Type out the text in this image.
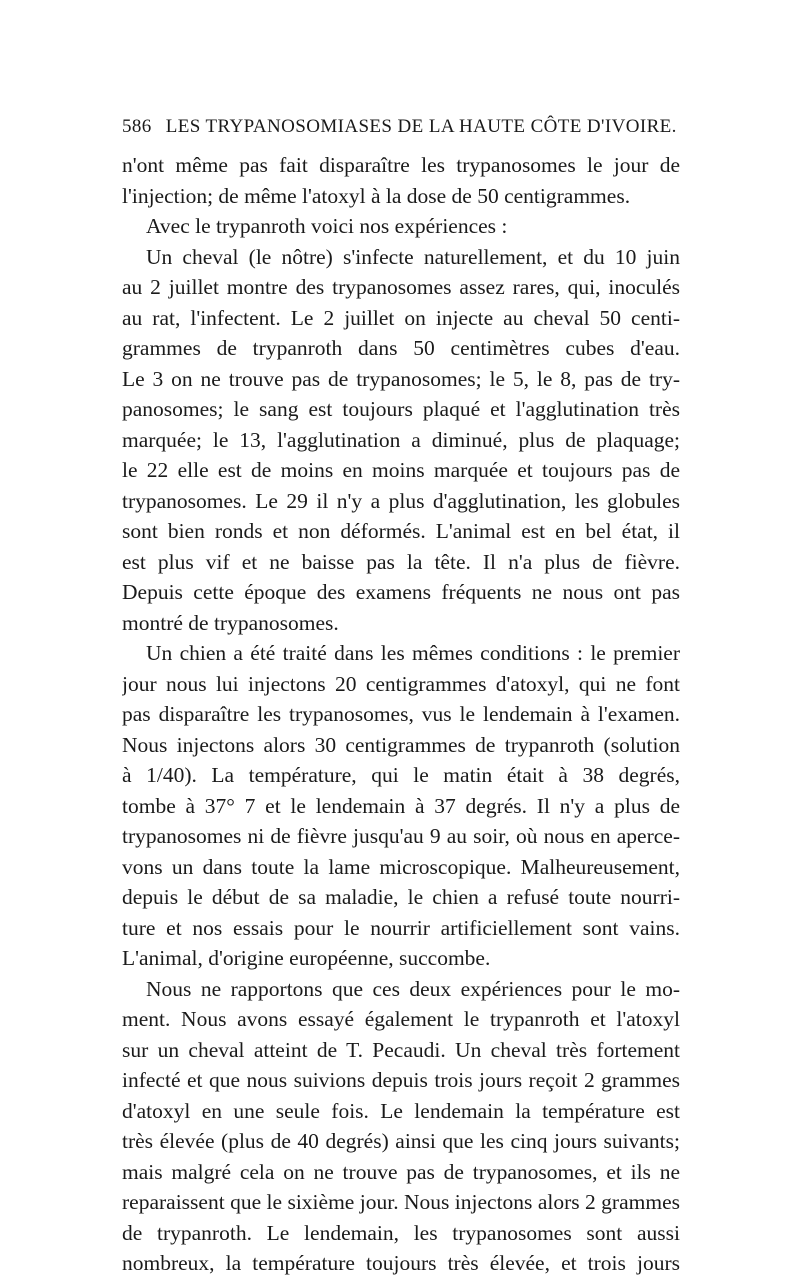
586 LES TRYPANOSOMIASES DE LA HAUTE CÔTE D'IVOIRE.
n'ont même pas fait disparaître les trypanosomes le jour de
l'injection; de même l'atoxyl à la dose de 50 centigrammes.
Avec le trypanroth voici nos expériences :
Un cheval (le nôtre) s'infecte naturellement, et du 10 juin
au 2 juillet montre des trypanosomes assez rares, qui, inoculés
au rat, l'infectent. Le 2 juillet on injecte au cheval 50 centi-
grammes de trypanroth dans 50 centimètres cubes d'eau.
Le 3 on ne trouve pas de trypanosomes; le 5, le 8, pas de try-
panosomes; le sang est toujours plaqué et l'agglutination très
marquée; le 13, l'agglutination a diminué, plus de plaquage;
le 22 elle est de moins en moins marquée et toujours pas de
trypanosomes. Le 29 il n'y a plus d'agglutination, les globules
sont bien ronds et non déformés. L'animal est en bel état, il
est plus vif et ne baisse pas la tête. Il n'a plus de fièvre.
Depuis cette époque des examens fréquents ne nous ont pas
montré de trypanosomes.
Un chien a été traité dans les mêmes conditions : le premier
jour nous lui injectons 20 centigrammes d'atoxyl, qui ne font
pas disparaître les trypanosomes, vus le lendemain à l'examen.
Nous injectons alors 30 centigrammes de trypanroth (solution
à 1/40). La température, qui le matin était à 38 degrés,
tombe à 37° 7 et le lendemain à 37 degrés. Il n'y a plus de
trypanosomes ni de fièvre jusqu'au 9 au soir, où nous en aperce-
vons un dans toute la lame microscopique. Malheureusement,
depuis le début de sa maladie, le chien a refusé toute nourri-
ture et nos essais pour le nourrir artificiellement sont vains.
L'animal, d'origine européenne, succombe.
Nous ne rapportons que ces deux expériences pour le mo-
ment. Nous avons essayé également le trypanroth et l'atoxyl
sur un cheval atteint de T. Pecaudi. Un cheval très fortement
infecté et que nous suivions depuis trois jours reçoit 2 grammes
d'atoxyl en une seule fois. Le lendemain la température est
très élevée (plus de 40 degrés) ainsi que les cinq jours suivants;
mais malgré cela on ne trouve pas de trypanosomes, et ils ne
reparaissent que le sixième jour. Nous injectons alors 2 grammes
de trypanroth. Le lendemain, les trypanosomes sont aussi
nombreux, la température toujours très élevée, et trois jours
